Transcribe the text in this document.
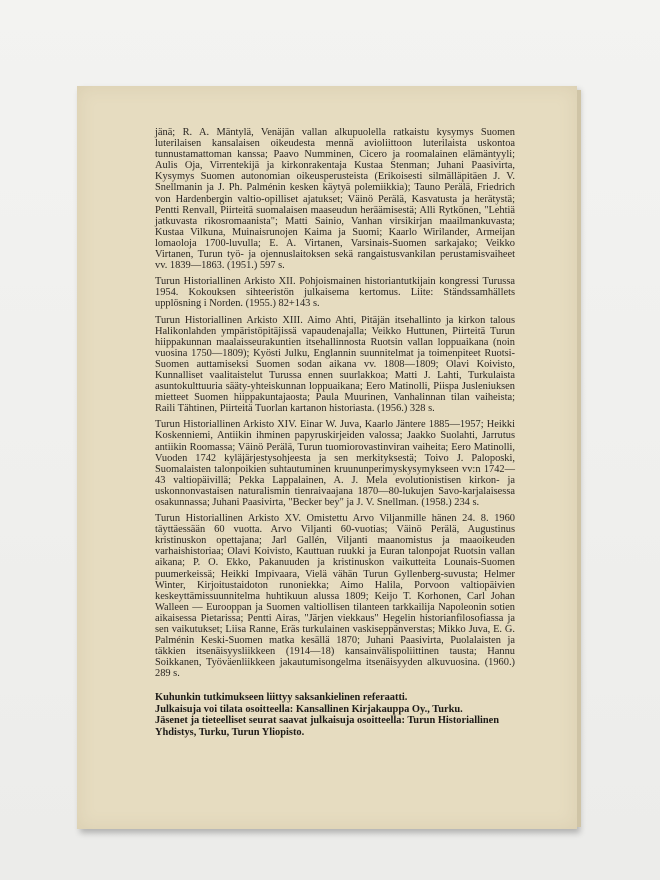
jänä; R. A. Mäntylä, Venäjän vallan alkupuolella ratkaistu kysymys Suomen luterilaisen kansalaisen oikeudesta mennä avioliittoon luterilaista uskontoa tunnustamattoman kanssa; Paavo Numminen, Cicero ja roomalainen elämäntyyli; Aulis Oja, Virrentekijä ja kirkonrakentaja Kustaa Stenman; Juhani Paasivirta, Kysymys Suomen autonomian oikeusperusteista (Erikoisesti silmälläpitäen J. V. Snellmanin ja J. Ph. Palménin kesken käytyä polemiikkia); Tauno Perälä, Friedrich von Hardenbergin valtio-opilliset ajatukset; Väinö Perälä, Kasvatusta ja herätystä; Pentti Renvall, Piirteitä suomalaisen maaseudun heräämisestä; Alli Rytkönen, "Lehtiä jatkuvasta rikosromaanista"; Matti Sainio, Vanhan virsikirjan maailmankuvasta; Kustaa Vilkuna, Muinaisrunojen Kaima ja Suomi; Kaarlo Wirilander, Armeijan lomaoloja 1700-luvulla; E. A. Virtanen, Varsinais-Suomen sarkajako; Veikko Virtanen, Turun työ- ja ojennuslaitoksen sekä rangaistusvankilan perustamisvaiheet vv. 1839—1863. (1951.) 597 s.

Turun Historiallinen Arkisto XII. Pohjoismainen historiantutkijain kongressi Turussa 1954. Kokouksen sihteeristön julkaisema kertomus. Liite: Ständssamhällets upplösning i Norden. (1955.) 82+143 s.

Turun Historiallinen Arkisto XIII. Aimo Ahti, Pitäjän itsehallinto ja kirkon talous Halikonlahden ympäristöpitäjissä vapaudenajalla; Veikko Huttunen, Piirteitä Turun hiippakunnan maalaisseurakuntien itsehallinnosta Ruotsin vallan loppuaikana (noin vuosina 1750—1809); Kyösti Julku, Englannin suunnitelmat ja toimenpiteet Ruotsi-Suomen auttamiseksi Suomen sodan aikana vv. 1808—1809; Olavi Koivisto, Kunnalliset vaalitaistelut Turussa ennen suurlakkoa; Matti J. Lahti, Turkulaista asuntokulttuuria sääty-yhteiskunnan loppuaikana; Eero Matinolli, Piispa Jusleniuksen mietteet Suomen hiippakuntajaosta; Paula Muurinen, Vanhalinnan tilan vaiheista; Raili Tähtinen, Piirteitä Tuorlan kartanon historiasta. (1956.) 328 s.

Turun Historiallinen Arkisto XIV. Einar W. Juva, Kaarlo Jäntere 1885—1957; Heikki Koskenniemi, Antiikin ihminen papyruskirjeiden valossa; Jaakko Suolahti, Jarrutus antiikin Roomassa; Väinö Perälä, Turun tuomiorovastinviran vaiheita; Eero Matinolli, Vuoden 1742 kyläjärjestysohjeesta ja sen merkityksestä; Toivo J. Paloposki, Suomalaisten talonpoikien suhtautuminen kruununperimyskysymykseen vv:n 1742—43 valtiopäivillä; Pekka Lappalainen, A. J. Mela evolutionistisen kirkon- ja uskonnonvastaisen naturalismin tienraivaajana 1870—80-lukujen Savo-karjalaisessa osakunnassa; Juhani Paasivirta, "Becker bey" ja J. V. Snellman. (1958.) 234 s.

Turun Historiallinen Arkisto XV. Omistettu Arvo Viljanmille hänen 24. 8. 1960 täyttäessään 60 vuotta. Arvo Viljanti 60-vuotias; Väinö Perälä, Augustinus kristinuskon opettajana; Jarl Gallén, Viljanti maanomistus ja maaoikeuden varhaishistoriaa; Olavi Koivisto, Kauttuan ruukki ja Euran talonpojat Ruotsin vallan aikana; P. O. Ekko, Pakanuuden ja kristinuskon vaikutteita Lounais-Suomen puumerkeissä; Heikki Impivaara, Vielä vähän Turun Gyllenberg-suvusta; Helmer Winter, Kirjoitustaidoton runoniekka; Aimo Halila, Porvoon valtiopäivien keskeyttämissuunnitelma huhtikuun alussa 1809; Keijo T. Korhonen, Carl Johan Walleen — Eurooppan ja Suomen valtiollisen tilanteen tarkkailija Napoleonin sotien aikaisessa Pietarissa; Pentti Airas, "Järjen viekkaus" Hegelin historianfilosofiassa ja sen vaikutukset; Liisa Ranne, Eräs turkulainen vaskiseppänverstas; Mikko Juva, E. G. Palménin Keski-Suomen matka kesällä 1870; Juhani Paasivirta, Puolalaisten ja täkkien itsenäisyysliikkeen (1914—18) kansainvälispoliittinen tausta; Hannu Soikkanen, Työväenliikkeen jakautumisongelma itsenäisyyden alkuvuosina. (1960.) 289 s.

Kuhunkin tutkimukseen liittyy saksankielinen referaatti.

Julkaisuja voi tilata osoitteella: Kansallinen Kirjakauppa Oy., Turku.

Jäsenet ja tieteelliset seurat saavat julkaisuja osoitteella: Turun Historiallinen Yhdistys, Turku, Turun Yliopisto.
